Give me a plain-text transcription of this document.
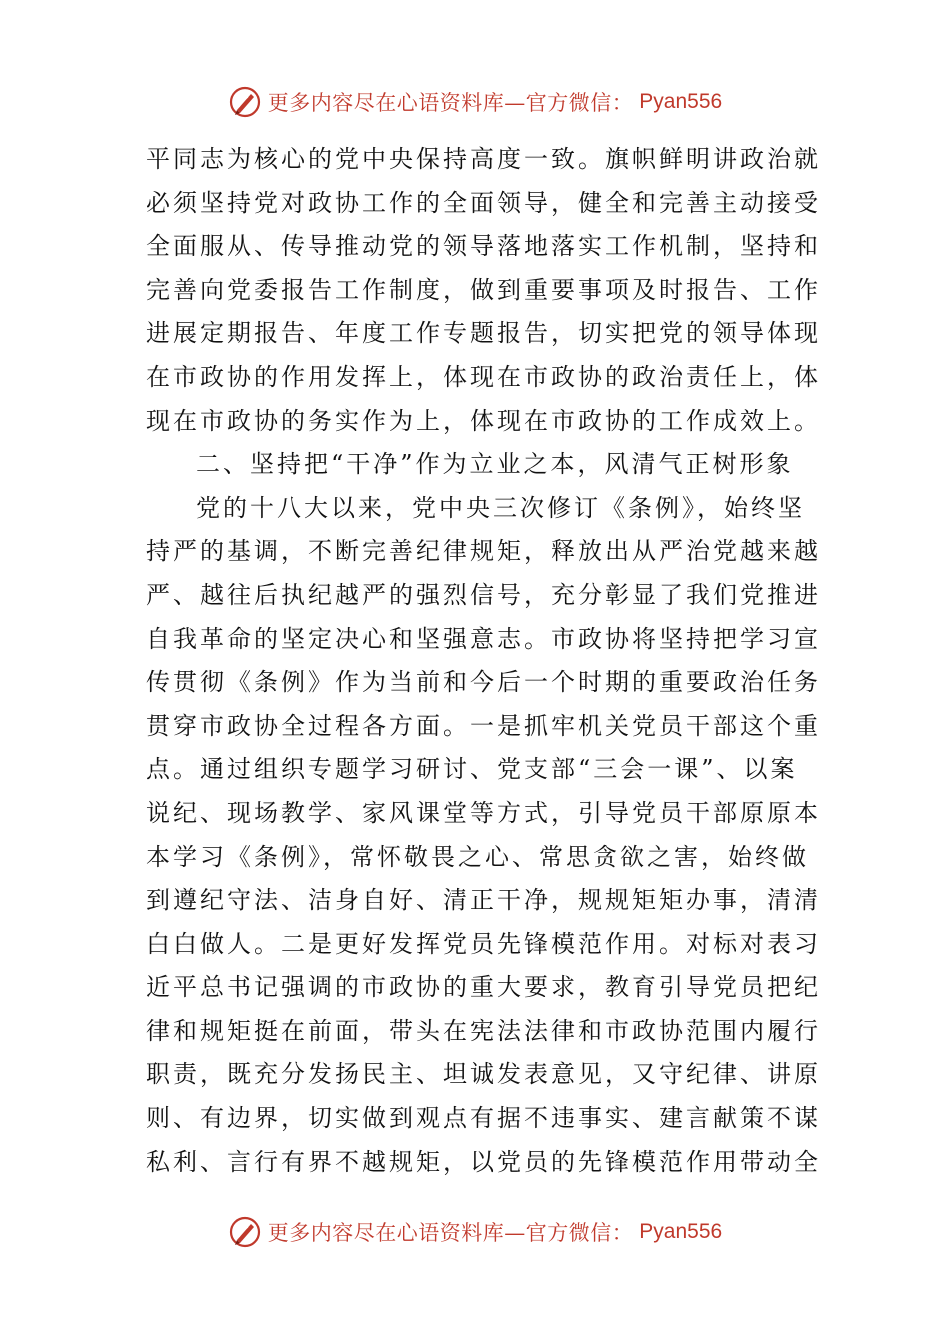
更多内容尽在心语资料库—官方微信： Pyan556
平同志为核心的党中央保持高度一致。旗帜鲜明讲政治就
必须坚持党对政协工作的全面领导，健全和完善主动接受
全面服从、传导推动党的领导落地落实工作机制，坚持和
完善向党委报告工作制度，做到重要事项及时报告、工作
进展定期报告、年度工作专题报告，切实把党的领导体现
在市政协的作用发挥上，体现在市政协的政治责任上，体
现在市政协的务实作为上，体现在市政协的工作成效上。
二、坚持把“干净”作为立业之本，风清气正树形象
党的十八大以来，党中央三次修订《条例》，始终坚
持严的基调，不断完善纪律规矩，释放出从严治党越来越
严、越往后执纪越严的强烈信号，充分彰显了我们党推进
自我革命的坚定决心和坚强意志。市政协将坚持把学习宣
传贯彻《条例》作为当前和今后一个时期的重要政治任务
贯穿市政协全过程各方面。一是抓牢机关党员干部这个重
点。通过组织专题学习研讨、党支部“三会一课”、以案
说纪、现场教学、家风课堂等方式，引导党员干部原原本
本学习《条例》，常怀敬畏之心、常思贪欲之害，始终做
到遵纪守法、洁身自好、清正干净，规规矩矩办事，清清
白白做人。二是更好发挥党员先锋模范作用。对标对表习
近平总书记强调的市政协的重大要求，教育引导党员把纪
律和规矩挺在前面，带头在宪法法律和市政协范围内履行
职责，既充分发扬民主、坦诚发表意见，又守纪律、讲原
则、有边界，切实做到观点有据不违事实、建言献策不谋
私利、言行有界不越规矩，以党员的先锋模范作用带动全
更多内容尽在心语资料库—官方微信： Pyan556
